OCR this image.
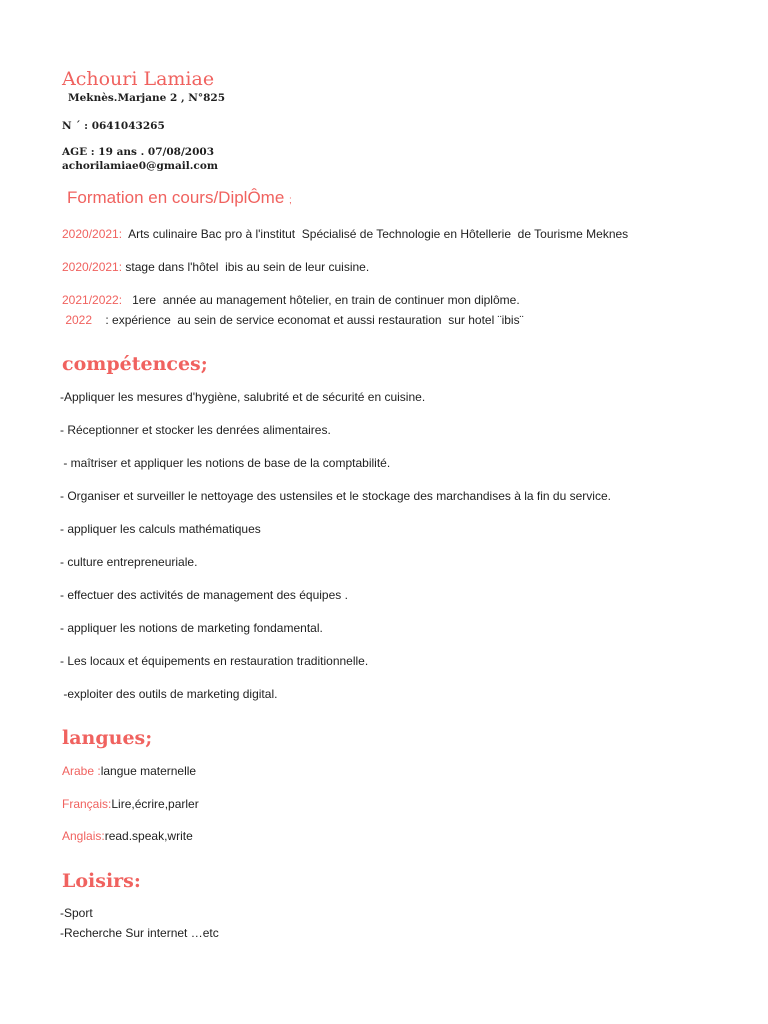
Achouri Lamiae
Meknès.Marjane 2 , N°825
N ´ : 0641043265
AGE : 19 ans . 07/08/2003
achorilamiae0@gmail.com
Formation en cours/DiplÔme ;
2020/2021:  Arts culinaire Bac pro à l'institut  Spécialisé de Technologie en Hôtellerie  de Tourisme Meknes
2020/2021: stage dans l'hôtel  ibis au sein de leur cuisine.
2021/2022:   1ere  année au management hôtelier, en train de continuer mon diplôme.
2022    : expérience  au sein de service economat et aussi restauration  sur hotel ¨ibis¨
compétences;
-Appliquer les mesures d'hygiène, salubrité et de sécurité en cuisine.
- Réceptionner et stocker les denrées alimentaires.
- maîtriser et appliquer les notions de base de la comptabilité.
- Organiser et surveiller le nettoyage des ustensiles et le stockage des marchandises à la fin du service.
- appliquer les calculs mathématiques
- culture entrepreneuriale.
- effectuer des activités de management des équipes .
- appliquer les notions de marketing fondamental.
- Les locaux et équipements en restauration traditionnelle.
-exploiter des outils de marketing digital.
langues;
Arabe :langue maternelle
Français:Lire,écrire,parler
Anglais:read.speak,write
Loisirs:
-Sport
-Recherche Sur internet …etc
